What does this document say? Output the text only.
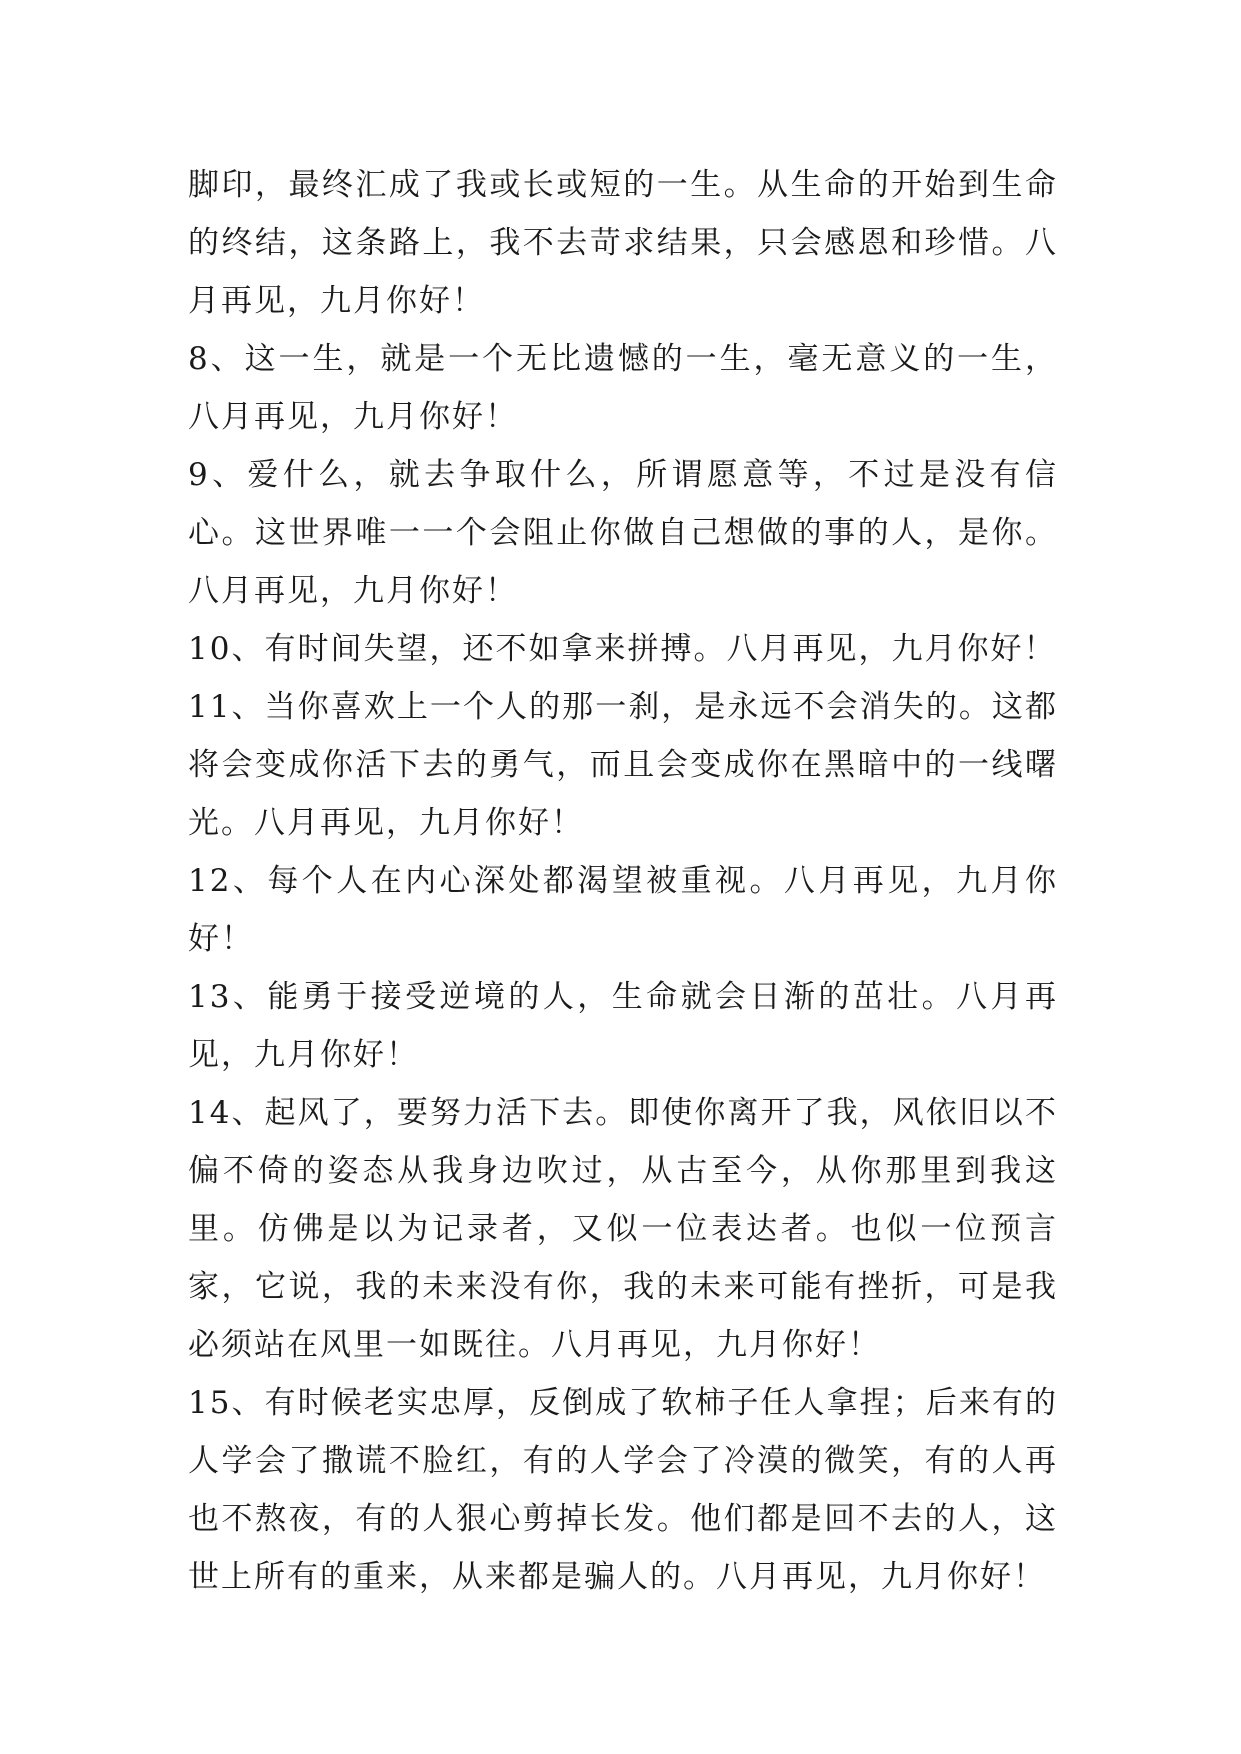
脚印，最终汇成了我或长或短的一生。从生命的开始到生命的终结，这条路上，我不去苛求结果，只会感恩和珍惜。八月再见，九月你好！

8、这一生，就是一个无比遗憾的一生，毫无意义的一生，八月再见，九月你好！

9、爱什么，就去争取什么，所谓愿意等，不过是没有信心。这世界唯一一个会阻止你做自己想做的事的人，是你。八月再见，九月你好！

10、有时间失望，还不如拿来拼搏。八月再见，九月你好！

11、当你喜欢上一个人的那一刹，是永远不会消失的。这都将会变成你活下去的勇气，而且会变成你在黑暗中的一线曙光。八月再见，九月你好！

12、每个人在内心深处都渴望被重视。八月再见，九月你好！

13、能勇于接受逆境的人，生命就会日渐的茁壮。八月再见，九月你好！

14、起风了，要努力活下去。即使你离开了我，风依旧以不偏不倚的姿态从我身边吹过，从古至今，从你那里到我这里。仿佛是以为记录者，又似一位表达者。也似一位预言家，它说，我的未来没有你，我的未来可能有挫折，可是我必须站在风里一如既往。八月再见，九月你好！

15、有时候老实忠厚，反倒成了软柿子任人拿捏；后来有的人学会了撒谎不脸红，有的人学会了冷漠的微笑，有的人再也不熬夜，有的人狠心剪掉长发。他们都是回不去的人，这世上所有的重来，从来都是骗人的。八月再见，九月你好！
